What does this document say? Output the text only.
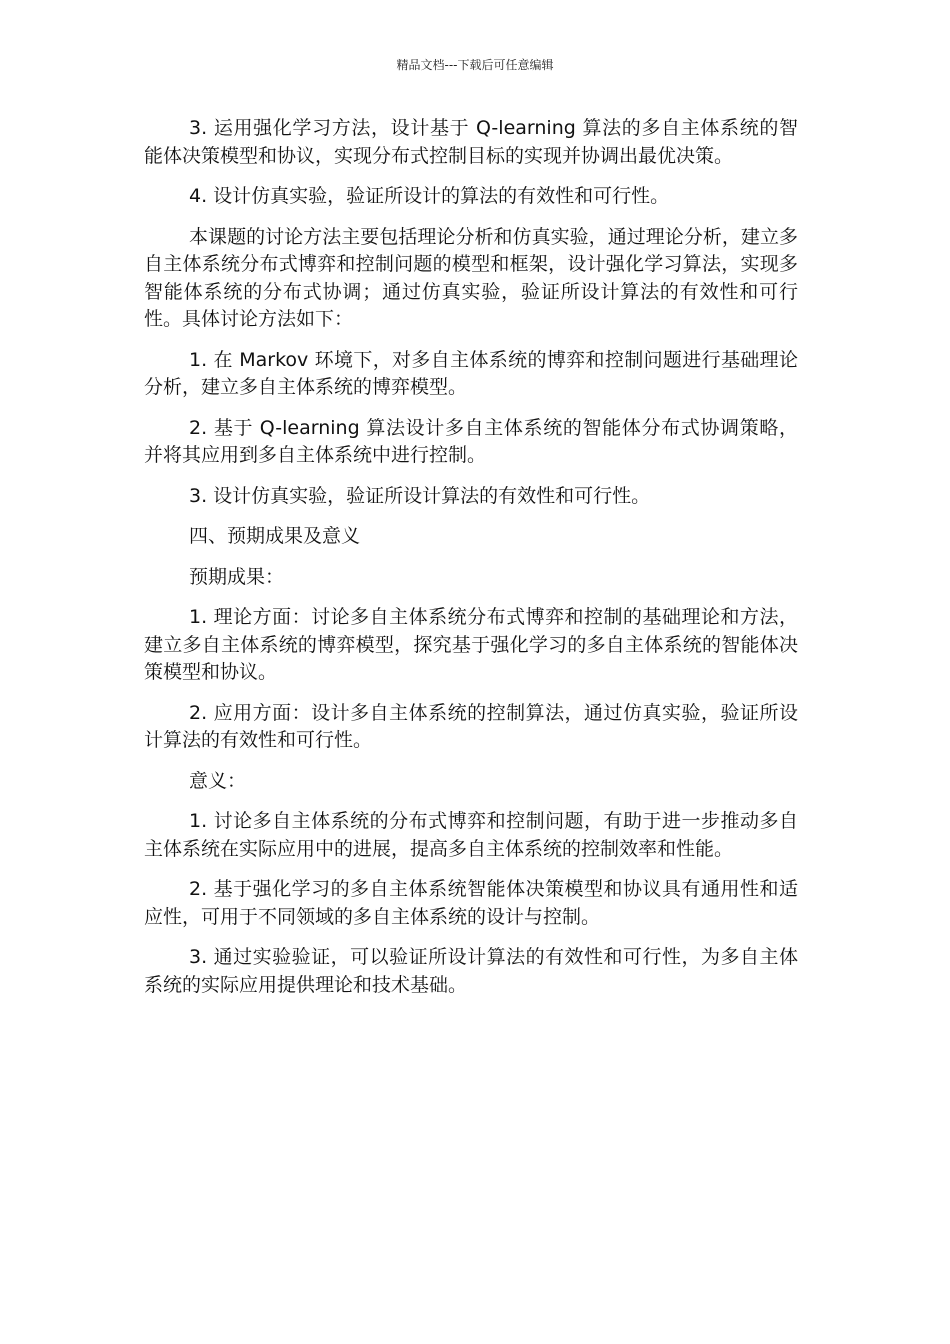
精品文档---下载后可任意编辑

3. 运用强化学习方法，设计基于 Q-learning 算法的多自主体系统的智能体决策模型和协议，实现分布式控制目标的实现并协调出最优决策。

4. 设计仿真实验，验证所设计的算法的有效性和可行性。

本课题的讨论方法主要包括理论分析和仿真实验，通过理论分析，建立多自主体系统分布式博弈和控制问题的模型和框架，设计强化学习算法，实现多智能体系统的分布式协调；通过仿真实验，验证所设计算法的有效性和可行性。具体讨论方法如下：

1. 在 Markov 环境下，对多自主体系统的博弈和控制问题进行基础理论分析，建立多自主体系统的博弈模型。

2. 基于 Q-learning 算法设计多自主体系统的智能体分布式协调策略，并将其应用到多自主体系统中进行控制。

3. 设计仿真实验，验证所设计算法的有效性和可行性。

四、预期成果及意义

预期成果：

1. 理论方面：讨论多自主体系统分布式博弈和控制的基础理论和方法，建立多自主体系统的博弈模型，探究基于强化学习的多自主体系统的智能体决策模型和协议。

2. 应用方面：设计多自主体系统的控制算法，通过仿真实验，验证所设计算法的有效性和可行性。

意义：

1. 讨论多自主体系统的分布式博弈和控制问题，有助于进一步推动多自主体系统在实际应用中的进展，提高多自主体系统的控制效率和性能。

2. 基于强化学习的多自主体系统智能体决策模型和协议具有通用性和适应性，可用于不同领域的多自主体系统的设计与控制。

3. 通过实验验证，可以验证所设计算法的有效性和可行性，为多自主体系统的实际应用提供理论和技术基础。
